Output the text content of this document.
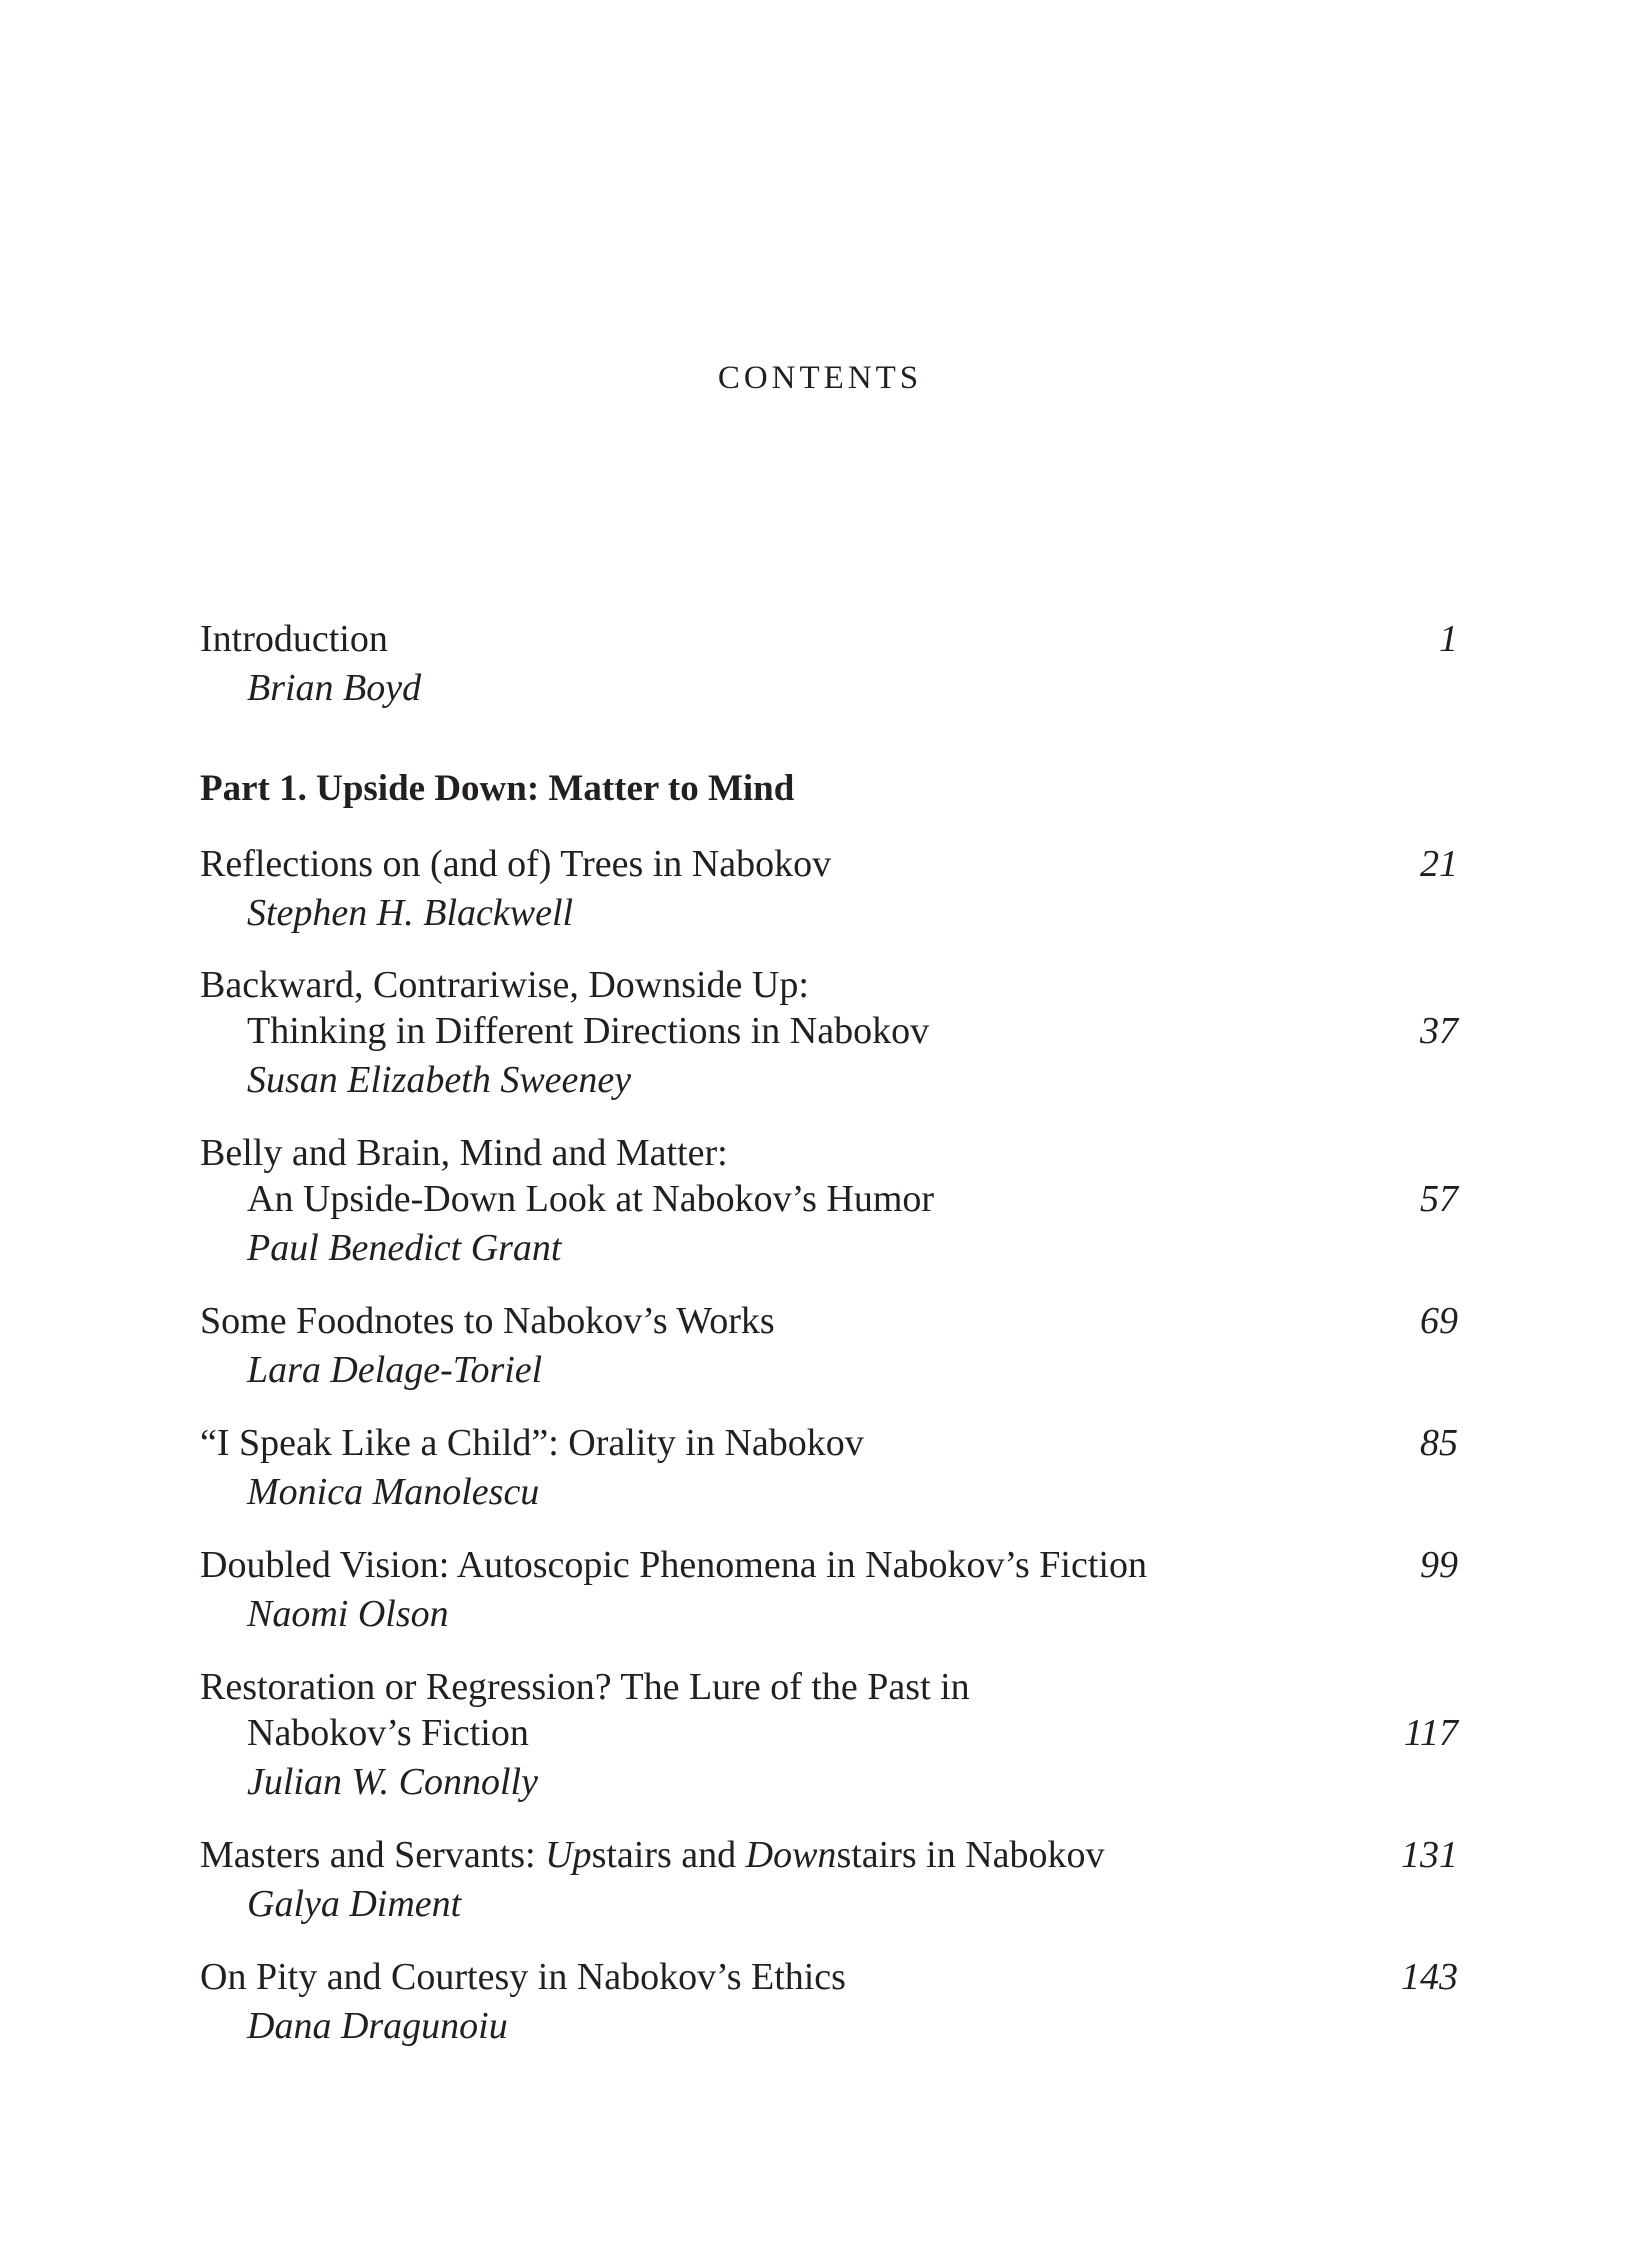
CONTENTS
Introduction	1
Brian Boyd
Part 1. Upside Down: Matter to Mind
Reflections on (and of) Trees in Nabokov	21
Stephen H. Blackwell
Backward, Contrariwise, Downside Up:
Thinking in Different Directions in Nabokov	37
Susan Elizabeth Sweeney
Belly and Brain, Mind and Matter:
An Upside-Down Look at Nabokov’s Humor	57
Paul Benedict Grant
Some Foodnotes to Nabokov’s Works	69
Lara Delage-Toriel
“I Speak Like a Child”: Orality in Nabokov	85
Monica Manolescu
Doubled Vision: Autoscopic Phenomena in Nabokov’s Fiction	99
Naomi Olson
Restoration or Regression? The Lure of the Past in
Nabokov’s Fiction	117
Julian W. Connolly
Masters and Servants: Upstairs and Downstairs in Nabokov	131
Galya Diment
On Pity and Courtesy in Nabokov’s Ethics	143
Dana Dragunoiu
